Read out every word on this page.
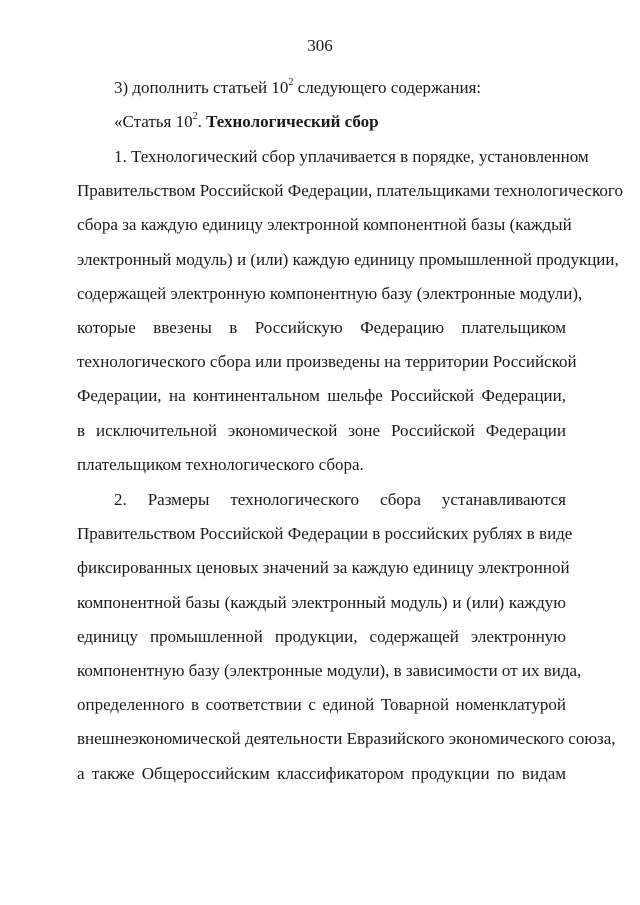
306
3) дополнить статьей $10^2$ следующего содержания:
«Статья $10^2$. Технологический сбор
1. Технологический сбор уплачивается в порядке, установленном
Правительством Российской Федерации, плательщиками технологического
сбора за каждую единицу электронной компонентной базы (каждый
электронный модуль) и (или) каждую единицу промышленной продукции,
содержащей электронную компонентную базу (электронные модули),
которые ввезены в Российскую Федерацию плательщиком
технологического сбора или произведены на территории Российской
Федерации, на континентальном шельфе Российской Федерации,
в исключительной экономической зоне Российской Федерации
плательщиком технологического сбора.
2. Размеры технологического сбора устанавливаются
Правительством Российской Федерации в российских рублях в виде
фиксированных ценовых значений за каждую единицу электронной
компонентной базы (каждый электронный модуль) и (или) каждую
единицу промышленной продукции, содержащей электронную
компонентную базу (электронные модули), в зависимости от их вида,
определенного в соответствии с единой Товарной номенклатурой
внешнеэкономической деятельности Евразийского экономического союза,
а также Общероссийским классификатором продукции по видам
